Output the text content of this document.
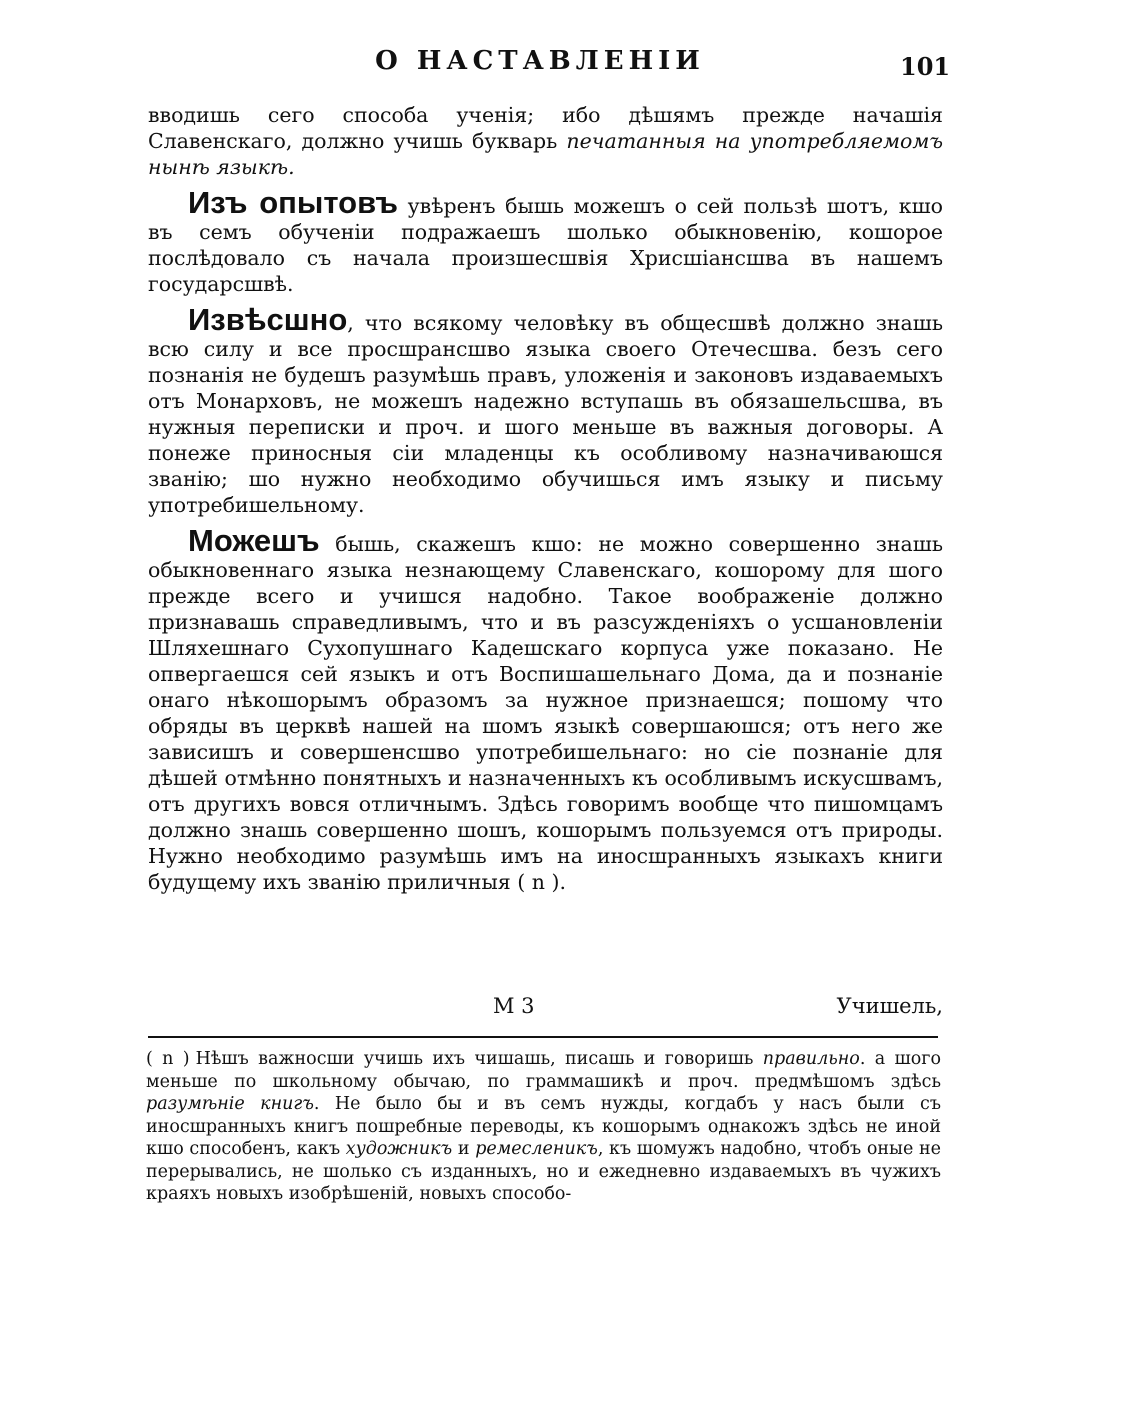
О НАСТАВЛЕНІИ	101

вводишь сего способа ученія; ибо дѣшямъ прежде начашія Славенскаго, должно учишь букварь печатанныя на употребляемомъ нынѣ языкѣ.

Изъ опытовъ увѣренъ бышь можешъ о сей пользѣ шотъ, кшо въ семъ обученіи подражаешъ шолько обыкновенію, кошорое послѣдовало съ начала произшесшвія Хрисшіансшва въ нашемъ государсшвѣ.

Извѣсшно, что всякому человѣку въ общесшвѣ должно знашь всю силу и все просшрансшво языка своего Отечесшва. безъ сего познанія не будешъ разумѣшь правъ, уложенія и законовъ издаваемыхъ отъ Монарховъ, не можешъ надежно вступашь въ обязашельсшва, въ нужныя переписки и проч. и шого меньше въ важныя договоры. А понеже приносныя сіи младенцы къ особливому назначиваюшся званію; шо нужно необходимо обучишься имъ языку и письму употребишельному.

Можешъ бышь, скажешъ кшо: не можно совершенно знашь обыкновеннаго языка незнающему Славенскаго, кошорому для шого прежде всего и учишся надобно. Такое воображеніе должно признавашь справедливымъ, что и въ разсужденіяхъ о усшановленіи Шляхешнаго Сухопушнаго Кадешскаго корпуса уже показано. Не опвергаешся сей языкъ и отъ Воспишашельнаго Дома, да и познаніе онаго нѣкошорымъ образомъ за нужное признаешся; пошому что обряды въ церквѣ нашей на шомъ языкѣ совершаюшся; отъ него же зависишъ и совершенсшво употребишельнаго: но сіе познаніе для дѣшей отмѣнно понятныхъ и назначенныхъ къ особливымъ искусшвамъ, отъ другихъ вовся отличнымъ. Здѣсь говоримъ вообще что пишомцамъ должно знашь совершенно шошъ, кошорымъ пользуемся отъ природы. Нужно необходимо разумѣшь имъ на иносшранныхъ языкахъ книги будущему ихъ званію приличныя ( n ).

М 3	Учишель,
( n ) Нѣшъ важносши учишь ихъ чишашь, писашь и говоришь правильно. а шого меньше по школьному обычаю, по граммашикѣ и проч. предмѣшомъ здѣсь разумѣніе книгъ. Не было бы и въ семъ нужды, когдабъ у насъ были съ иносшранныхъ книгъ пошребные переводы, къ кошорымъ однакожъ здѣсь не иной кшо способенъ, какъ художникъ и ремесленикъ, къ шомужъ надобно, чтобъ оные не перерывались, не шолько съ изданныхъ, но и ежедневно издаваемыхъ въ чужихъ краяхъ новыхъ изобрѣшеній, новыхъ способо-
